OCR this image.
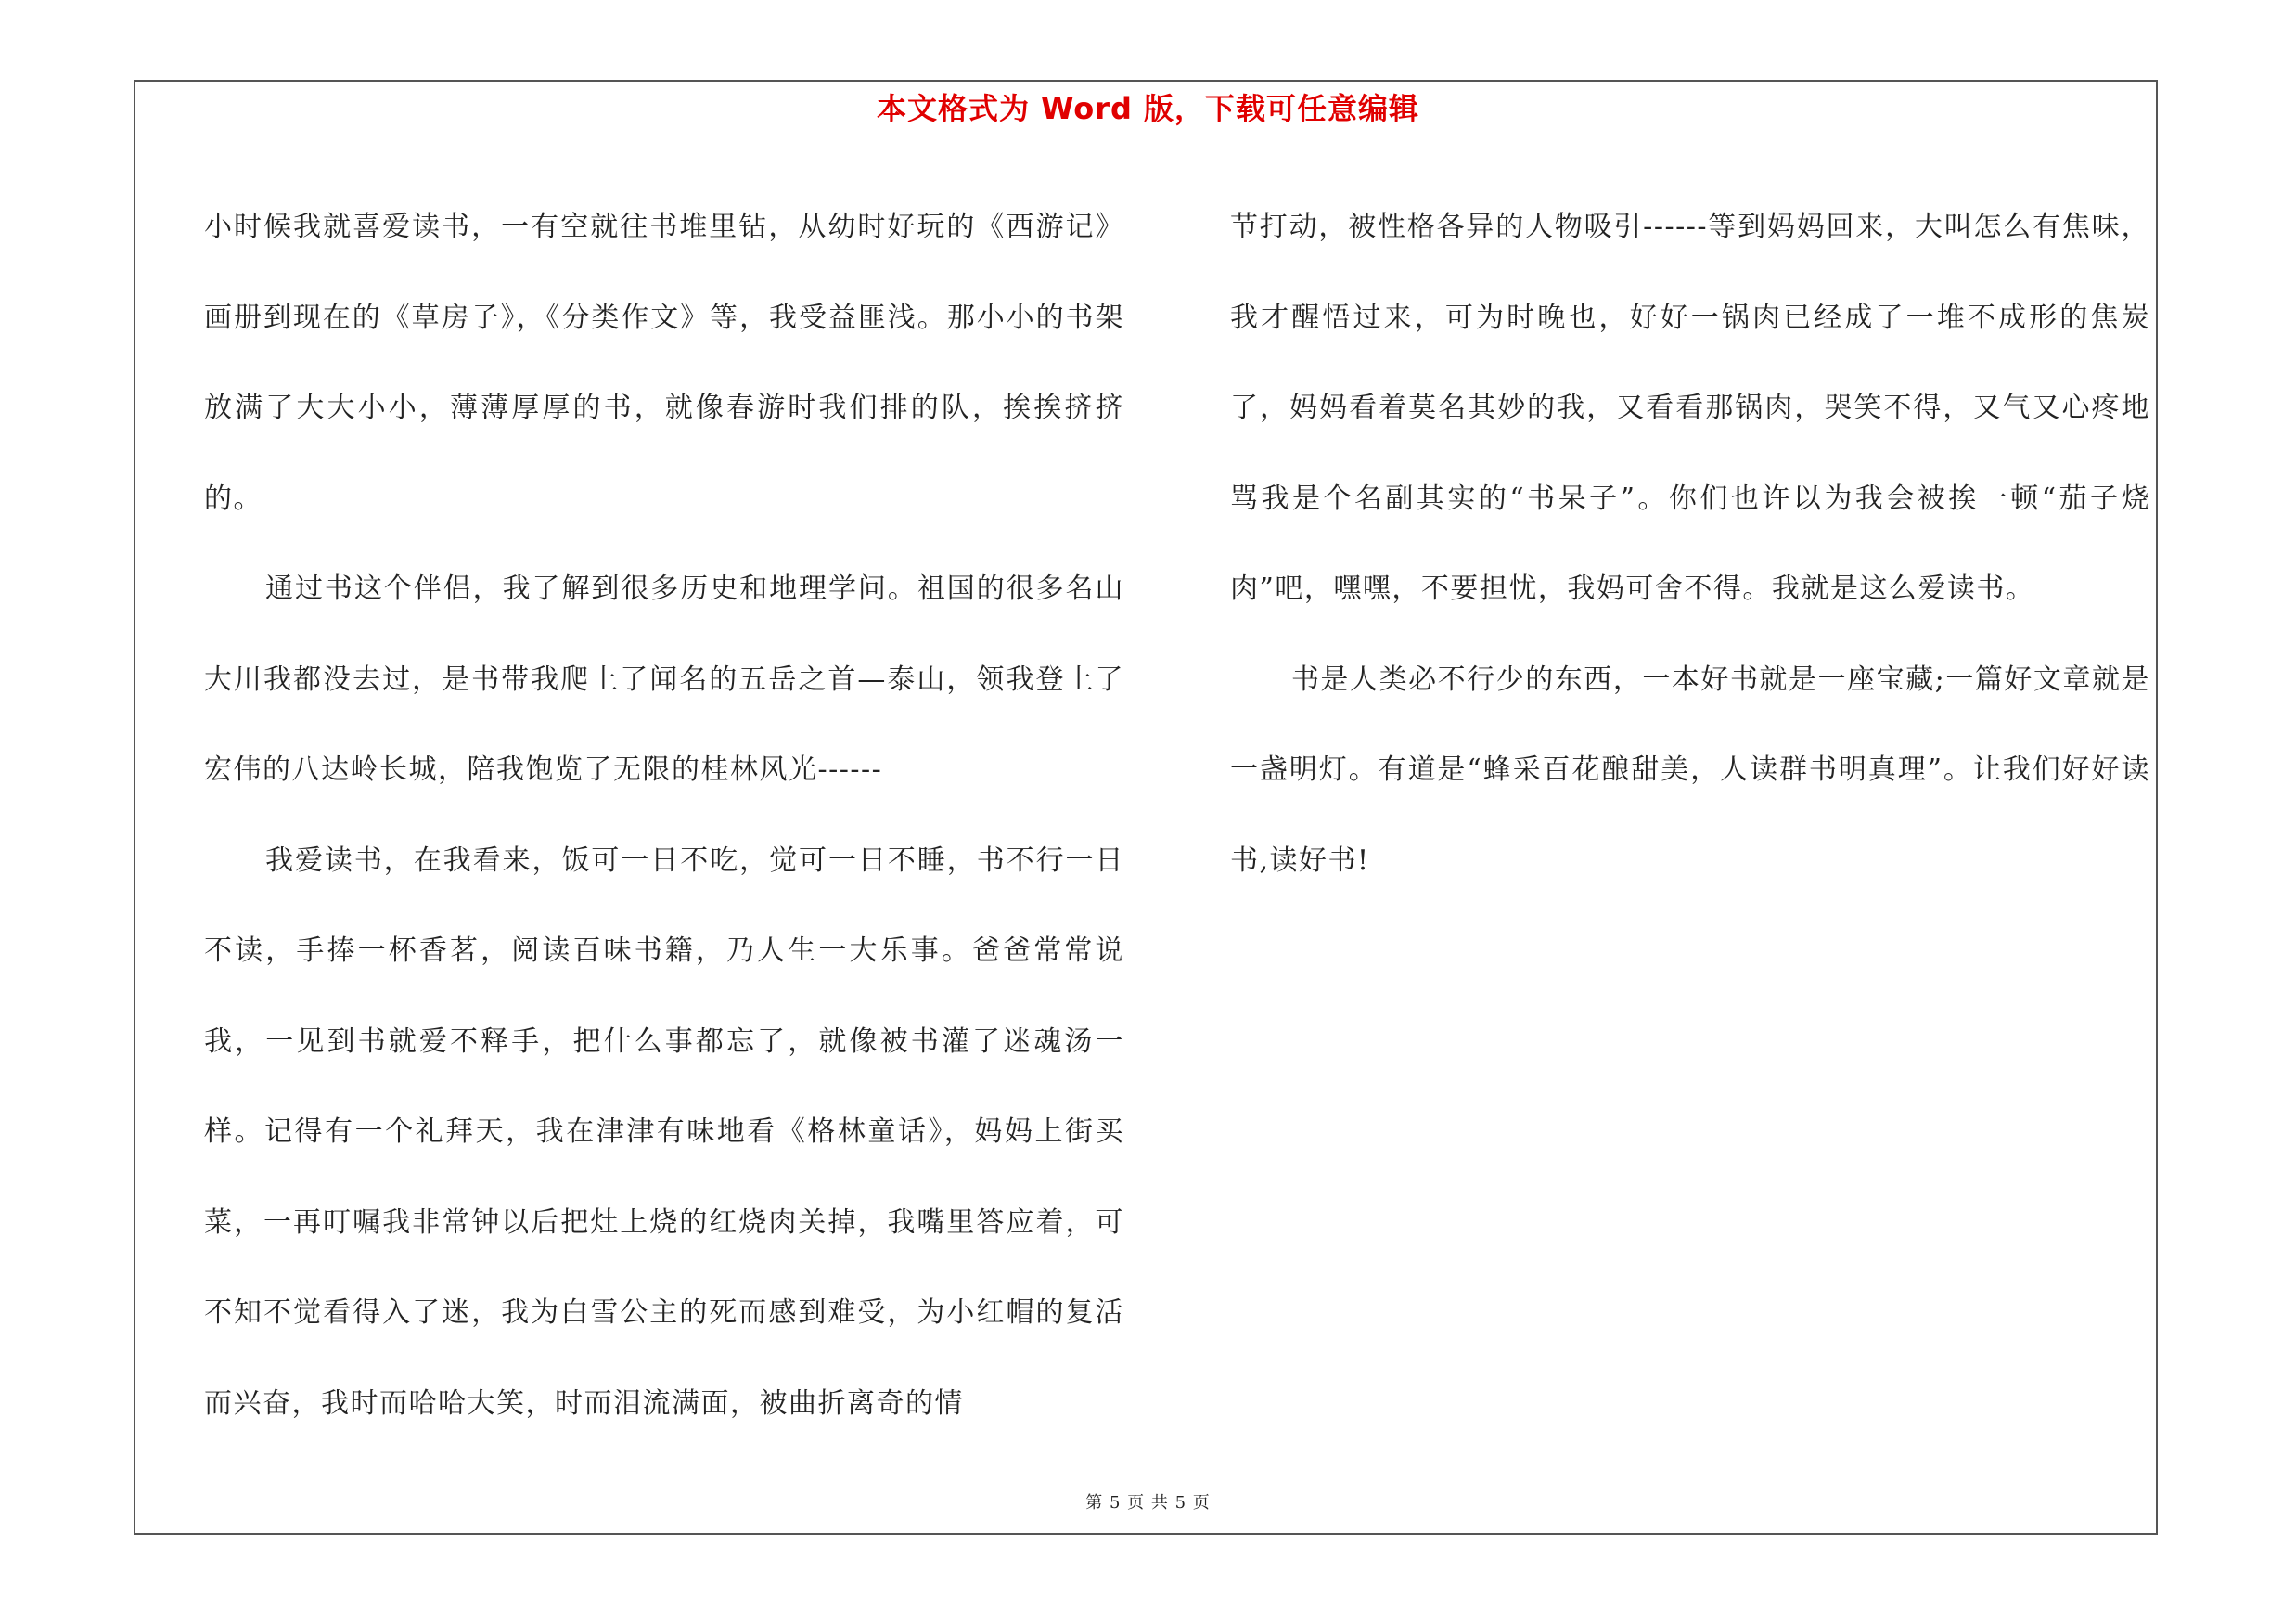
本文格式为 Word 版，下载可任意编辑

小时候我就喜爱读书，一有空就往书堆里钻，从幼时好玩的《西游记》画册到现在的《草房子》，《分类作文》等，我受益匪浅。那小小的书架放满了大大小小，薄薄厚厚的书，就像春游时我们排的队，挨挨挤挤的。

通过书这个伴侣，我了解到很多历史和地理学问。祖国的很多名山大川我都没去过，是书带我爬上了闻名的五岳之首—泰山，领我登上了宏伟的八达岭长城，陪我饱览了无限的桂林风光------

我爱读书，在我看来，饭可一日不吃，觉可一日不睡，书不行一日不读，手捧一杯香茗，阅读百味书籍，乃人生一大乐事。爸爸常常说我，一见到书就爱不释手，把什么事都忘了，就像被书灌了迷魂汤一样。记得有一个礼拜天，我在津津有味地看《格林童话》，妈妈上街买菜，一再叮嘱我非常钟以后把灶上烧的红烧肉关掉，我嘴里答应着，可不知不觉看得入了迷，我为白雪公主的死而感到难受，为小红帽的复活而兴奋，我时而哈哈大笑，时而泪流满面，被曲折离奇的情

节打动，被性格各异的人物吸引------等到妈妈回来，大叫怎么有焦味，我才醒悟过来，可为时晚也，好好一锅肉已经成了一堆不成形的焦炭了，妈妈看着莫名其妙的我，又看看那锅肉，哭笑不得，又气又心疼地骂我是个名副其实的“书呆子”。你们也许以为我会被挨一顿“茄子烧肉”吧，嘿嘿，不要担忧，我妈可舍不得。我就是这么爱读书。

书是人类必不行少的东西，一本好书就是一座宝藏;一篇好文章就是一盏明灯。有道是“蜂采百花酿甜美，人读群书明真理”。让我们好好读书,读好书!

第 5 页 共 5 页
